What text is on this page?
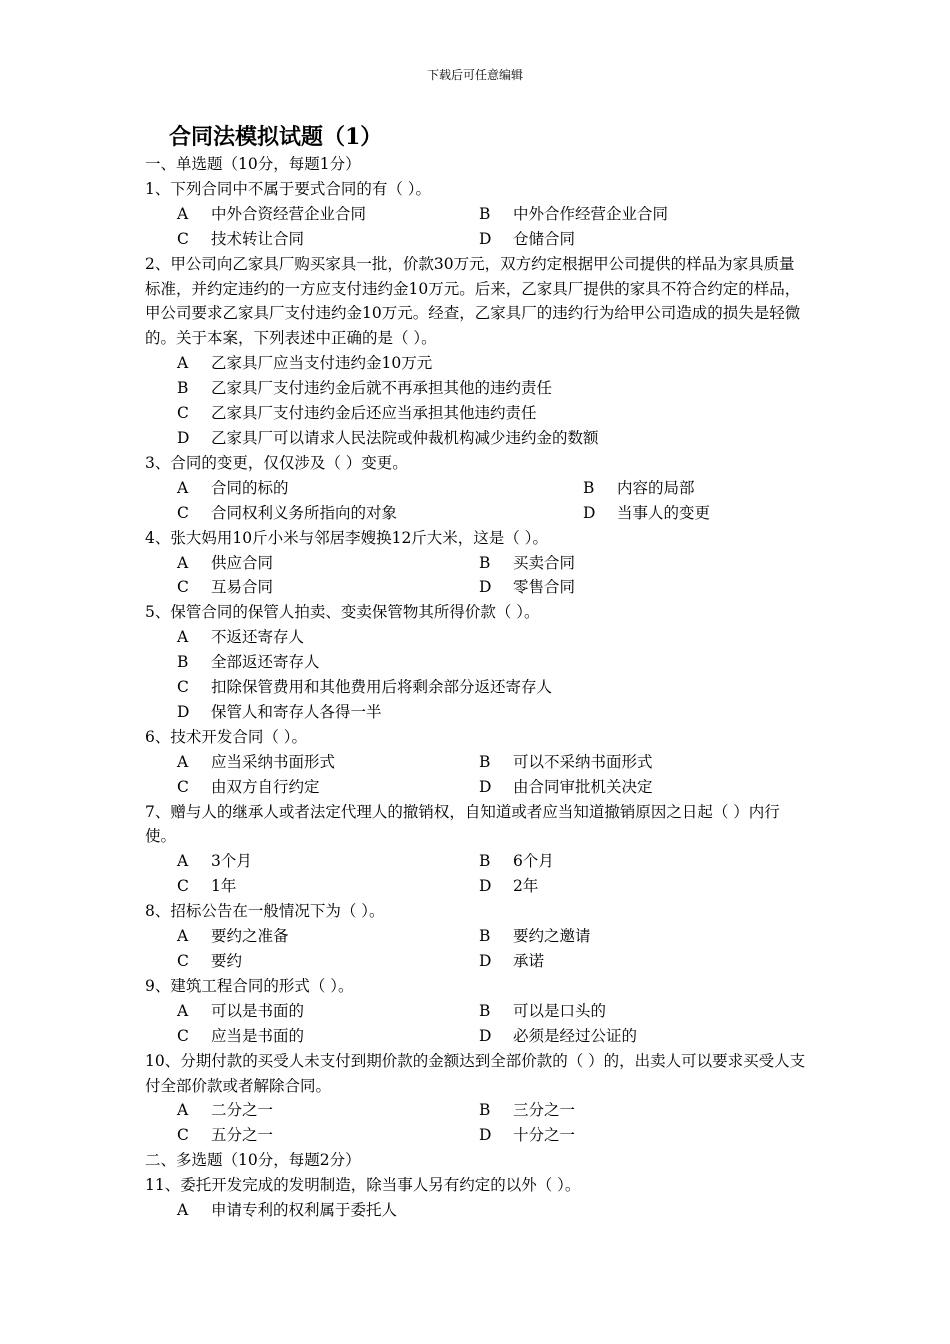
下载后可任意编辑
合同法模拟试题（1）
一、单选题（10分，每题1分）
1、下列合同中不属于要式合同的有（ ）。
A 中外合资经营企业合同	B 中外合作经营企业合同
C 技术转让合同	D 仓储合同
2、甲公司向乙家具厂购买家具一批，价款30万元，双方约定根据甲公司提供的样品为家具质量标准，并约定违约的一方应支付违约金10万元。后来，乙家具厂提供的家具不符合约定的样品，甲公司要求乙家具厂支付违约金10万元。经查，乙家具厂的违约行为给甲公司造成的损失是轻微的。关于本案，下列表述中正确的是（ ）。
A 乙家具厂应当支付违约金10万元
B 乙家具厂支付违约金后就不再承担其他的违约责任
C 乙家具厂支付违约金后还应当承担其他违约责任
D 乙家具厂可以请求人民法院或仲裁机构减少违约金的数额
3、合同的变更，仅仅涉及（ ）变更。
A 合同的标的	B 内容的局部
C 合同权利义务所指向的对象	D 当事人的变更
4、张大妈用10斤小米与邻居李嫂换12斤大米，这是（ ）。
A 供应合同	B 买卖合同
C 互易合同	D 零售合同
5、保管合同的保管人拍卖、变卖保管物其所得价款（ ）。
A 不返还寄存人
B 全部返还寄存人
C 扣除保管费用和其他费用后将剩余部分返还寄存人
D 保管人和寄存人各得一半
6、技术开发合同（ ）。
A 应当采纳书面形式	B 可以不采纳书面形式
C 由双方自行约定	D 由合同审批机关决定
7、赠与人的继承人或者法定代理人的撤销权，自知道或者应当知道撤销原因之日起（ ）内行使。
A 3个月	B 6个月
C 1年	D 2年
8、招标公告在一般情况下为（ ）。
A 要约之准备	B 要约之邀请
C 要约	D 承诺
9、建筑工程合同的形式（ ）。
A 可以是书面的	B 可以是口头的
C 应当是书面的	D 必须是经过公证的
10、分期付款的买受人未支付到期价款的金额达到全部价款的（ ）的，出卖人可以要求买受人支付全部价款或者解除合同。
A 二分之一	B 三分之一
C 五分之一	D 十分之一
二、多选题（10分，每题2分）
11、委托开发完成的发明制造，除当事人另有约定的以外（ ）。
A 申请专利的权利属于委托人
